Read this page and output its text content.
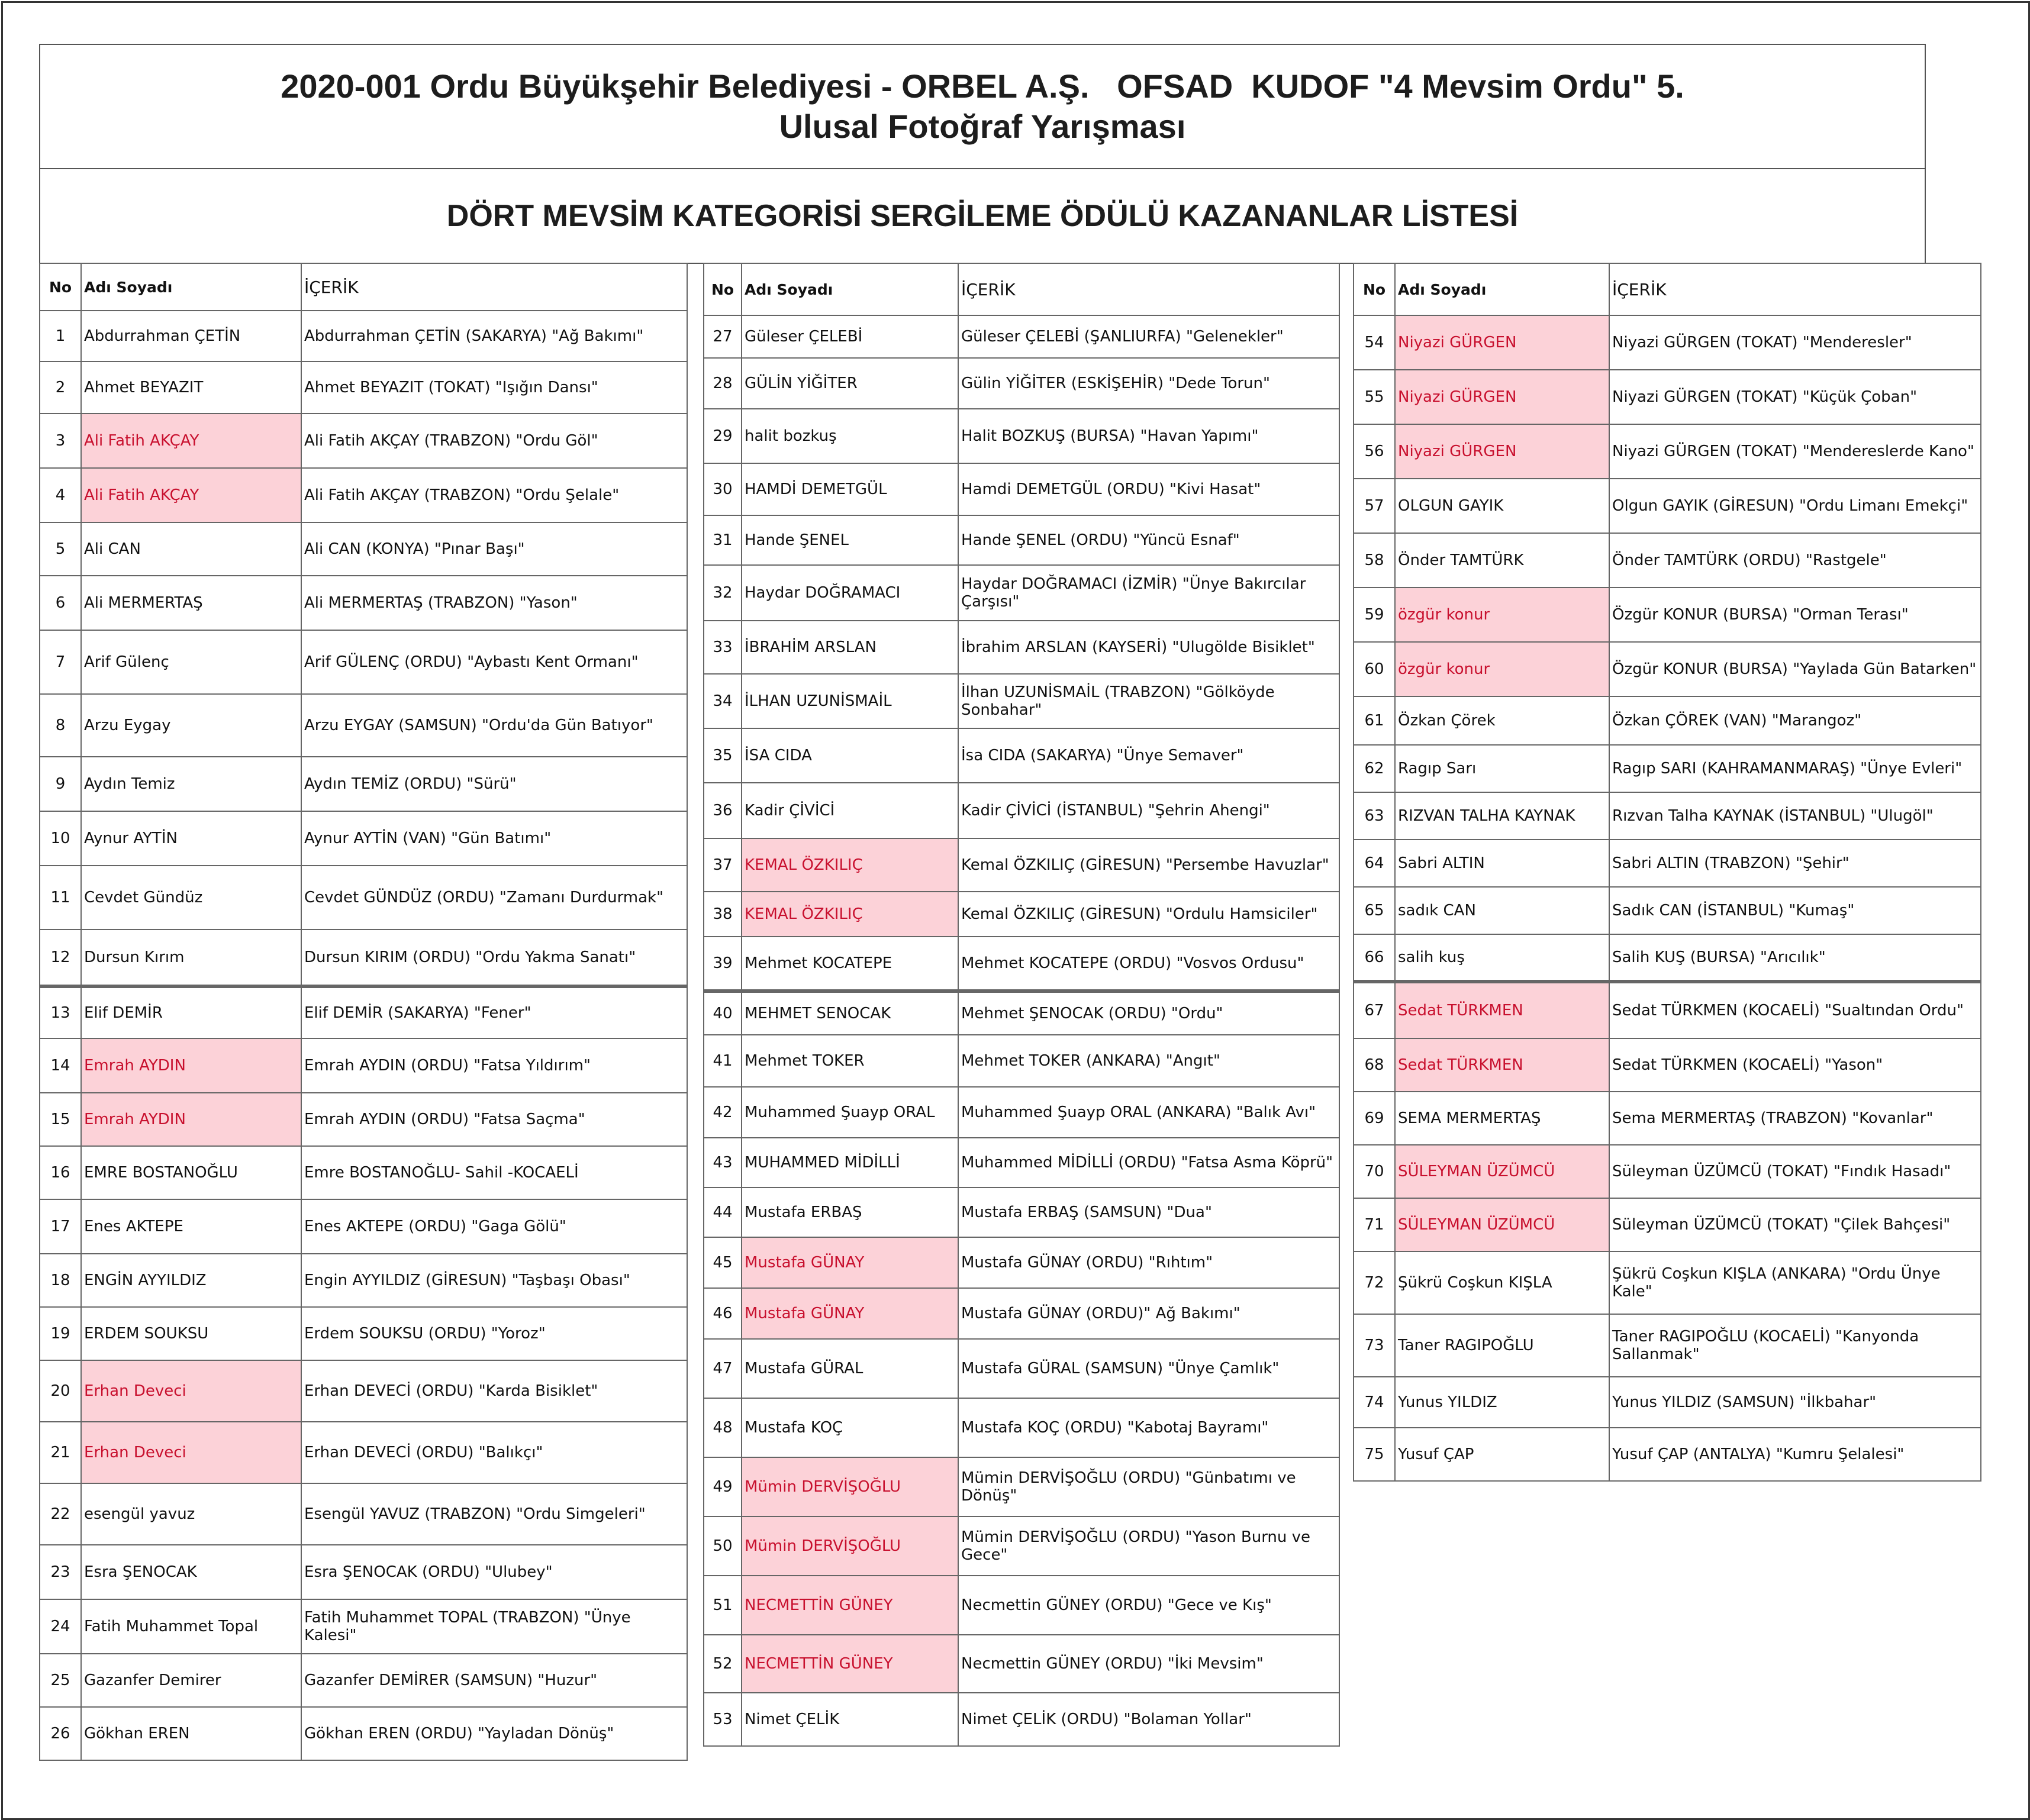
2020-001 Ordu Büyükşehir Belediyesi - ORBEL A.Ş.   OFSAD  KUDOF "4 Mevsim Ordu" 5.
Ulusal Fotoğraf Yarışması
DÖRT MEVSİM KATEGORİSİ SERGİLEME ÖDÜLÜ KAZANANLAR LİSTESİ
No	Adı Soyadı	İÇERİK
1	Abdurrahman ÇETİN	Abdurrahman ÇETİN (SAKARYA) "Ağ Bakımı"
2	Ahmet BEYAZIT	Ahmet BEYAZIT (TOKAT) "Işığın Dansı"
3	Ali Fatih AKÇAY	Ali Fatih AKÇAY (TRABZON) "Ordu Göl"
4	Ali Fatih AKÇAY	Ali Fatih AKÇAY (TRABZON) "Ordu Şelale"
5	Ali CAN	Ali CAN (KONYA) "Pınar Başı"
6	Ali MERMERTAŞ	Ali MERMERTAŞ (TRABZON) "Yason"
7	Arif Gülenç	Arif GÜLENÇ (ORDU) "Aybastı Kent Ormanı"
8	Arzu Eygay	Arzu EYGAY (SAMSUN) "Ordu'da Gün Batıyor"
9	Aydın Temiz	Aydın TEMİZ (ORDU) "Sürü"
10	Aynur AYTİN	Aynur AYTİN (VAN) "Gün Batımı"
11	Cevdet Gündüz	Cevdet GÜNDÜZ (ORDU) "Zamanı Durdurmak"
12	Dursun Kırım	Dursun KIRIM (ORDU) "Ordu Yakma Sanatı"
13	Elif DEMİR	Elif DEMİR (SAKARYA) "Fener"
14	Emrah AYDIN	Emrah AYDIN (ORDU) "Fatsa Yıldırım"
15	Emrah AYDIN	Emrah AYDIN (ORDU) "Fatsa Saçma"
16	EMRE BOSTANOĞLU	Emre BOSTANOĞLU- Sahil -KOCAELİ
17	Enes AKTEPE	Enes AKTEPE (ORDU) "Gaga Gölü"
18	ENGİN AYYILDIZ	Engin AYYILDIZ (GİRESUN) "Taşbaşı Obası"
19	ERDEM SOUKSU	Erdem SOUKSU (ORDU) "Yoroz"
20	Erhan Deveci	Erhan DEVECİ (ORDU) "Karda Bisiklet"
21	Erhan Deveci	Erhan DEVECİ (ORDU) "Balıkçı"
22	esengül yavuz	Esengül YAVUZ (TRABZON) "Ordu Simgeleri"
23	Esra ŞENOCAK	Esra ŞENOCAK (ORDU) "Ulubey"
24	Fatih Muhammet Topal	Fatih Muhammet TOPAL (TRABZON) "Ünye Kalesi"
25	Gazanfer Demirer	Gazanfer DEMİRER (SAMSUN) "Huzur"
26	Gökhan EREN	Gökhan EREN (ORDU) "Yayladan Dönüş"
No	Adı Soyadı	İÇERİK
27	Güleser ÇELEBİ	Güleser ÇELEBİ (ŞANLIURFA) "Gelenekler"
28	GÜLİN YİĞİTER	Gülin YİĞİTER (ESKİŞEHİR) "Dede Torun"
29	halit bozkuş	Halit BOZKUŞ (BURSA) "Havan Yapımı"
30	HAMDİ DEMETGÜL	Hamdi DEMETGÜL (ORDU) "Kivi Hasat"
31	Hande ŞENEL	Hande ŞENEL (ORDU) "Yüncü Esnaf"
32	Haydar DOĞRAMACI	Haydar DOĞRAMACI (İZMİR) "Ünye Bakırcılar Çarşısı"
33	İBRAHİM ARSLAN	İbrahim ARSLAN (KAYSERİ) "Ulugölde Bisiklet"
34	İLHAN UZUNİSMAİL	İlhan UZUNİSMAİL (TRABZON) "Gölköyde Sonbahar"
35	İSA CIDA	İsa CIDA (SAKARYA) "Ünye Semaver"
36	Kadir ÇİVİCİ	Kadir ÇİVİCİ (İSTANBUL) "Şehrin Ahengi"
37	KEMAL ÖZKILIÇ	Kemal ÖZKILIÇ (GİRESUN) "Persembe Havuzlar"
38	KEMAL ÖZKILIÇ	Kemal ÖZKILIÇ (GİRESUN) "Ordulu Hamsiciler"
39	Mehmet KOCATEPE	Mehmet KOCATEPE (ORDU) "Vosvos Ordusu"
40	MEHMET SENOCAK	Mehmet ŞENOCAK (ORDU) "Ordu"
41	Mehmet TOKER	Mehmet TOKER (ANKARA) "Angıt"
42	Muhammed Şuayp ORAL	Muhammed Şuayp ORAL (ANKARA) "Balık Avı"
43	MUHAMMED MİDİLLİ	Muhammed MİDİLLİ (ORDU) "Fatsa Asma Köprü"
44	Mustafa ERBAŞ	Mustafa ERBAŞ (SAMSUN) "Dua"
45	Mustafa GÜNAY	Mustafa GÜNAY (ORDU) "Rıhtım"
46	Mustafa GÜNAY	Mustafa GÜNAY (ORDU)" Ağ Bakımı"
47	Mustafa GÜRAL	Mustafa GÜRAL (SAMSUN) "Ünye Çamlık"
48	Mustafa KOÇ	Mustafa KOÇ (ORDU) "Kabotaj Bayramı"
49	Mümin DERVİŞOĞLU	Mümin DERVİŞOĞLU (ORDU) "Günbatımı ve Dönüş"
50	Mümin DERVİŞOĞLU	Mümin DERVİŞOĞLU (ORDU) "Yason Burnu ve Gece"
51	NECMETTİN GÜNEY	Necmettin GÜNEY (ORDU) "Gece ve Kış"
52	NECMETTİN GÜNEY	Necmettin GÜNEY (ORDU) "İki Mevsim"
53	Nimet ÇELİK	Nimet ÇELİK (ORDU) "Bolaman Yollar"
No	Adı Soyadı	İÇERİK
54	Niyazi GÜRGEN	Niyazi GÜRGEN (TOKAT) "Menderesler"
55	Niyazi GÜRGEN	Niyazi GÜRGEN (TOKAT) "Küçük Çoban"
56	Niyazi GÜRGEN	Niyazi GÜRGEN (TOKAT) "Mendereslerde Kano"
57	OLGUN GAYIK	Olgun GAYIK (GİRESUN) "Ordu Limanı Emekçi"
58	Önder TAMTÜRK	Önder TAMTÜRK (ORDU) "Rastgele"
59	özgür konur	Özgür KONUR (BURSA) "Orman Terası"
60	özgür konur	Özgür KONUR (BURSA) "Yaylada Gün Batarken"
61	Özkan Çörek	Özkan ÇÖREK (VAN) "Marangoz"
62	Ragıp Sarı	Ragıp SARI (KAHRAMANMARAŞ) "Ünye Evleri"
63	RIZVAN TALHA KAYNAK	Rızvan Talha KAYNAK (İSTANBUL) "Ulugöl"
64	Sabri ALTIN	Sabri ALTIN (TRABZON) "Şehir"
65	sadık CAN	Sadık CAN (İSTANBUL) "Kumaş"
66	salih kuş	Salih KUŞ (BURSA) "Arıcılık"
67	Sedat TÜRKMEN	Sedat TÜRKMEN (KOCAELİ) "Sualtından Ordu"
68	Sedat TÜRKMEN	Sedat TÜRKMEN (KOCAELİ) "Yason"
69	SEMA MERMERTAŞ	Sema MERMERTAŞ (TRABZON) "Kovanlar"
70	SÜLEYMAN ÜZÜMCÜ	Süleyman ÜZÜMCÜ (TOKAT) "Fındık Hasadı"
71	SÜLEYMAN ÜZÜMCÜ	Süleyman ÜZÜMCÜ (TOKAT) "Çilek Bahçesi"
72	Şükrü Coşkun KIŞLA	Şükrü Coşkun KIŞLA (ANKARA) "Ordu Ünye Kale"
73	Taner RAGIPOĞLU	Taner RAGIPOĞLU (KOCAELİ) "Kanyonda Sallanmak"
74	Yunus YILDIZ	Yunus YILDIZ (SAMSUN) "İlkbahar"
75	Yusuf ÇAP	Yusuf ÇAP (ANTALYA) "Kumru Şelalesi"
